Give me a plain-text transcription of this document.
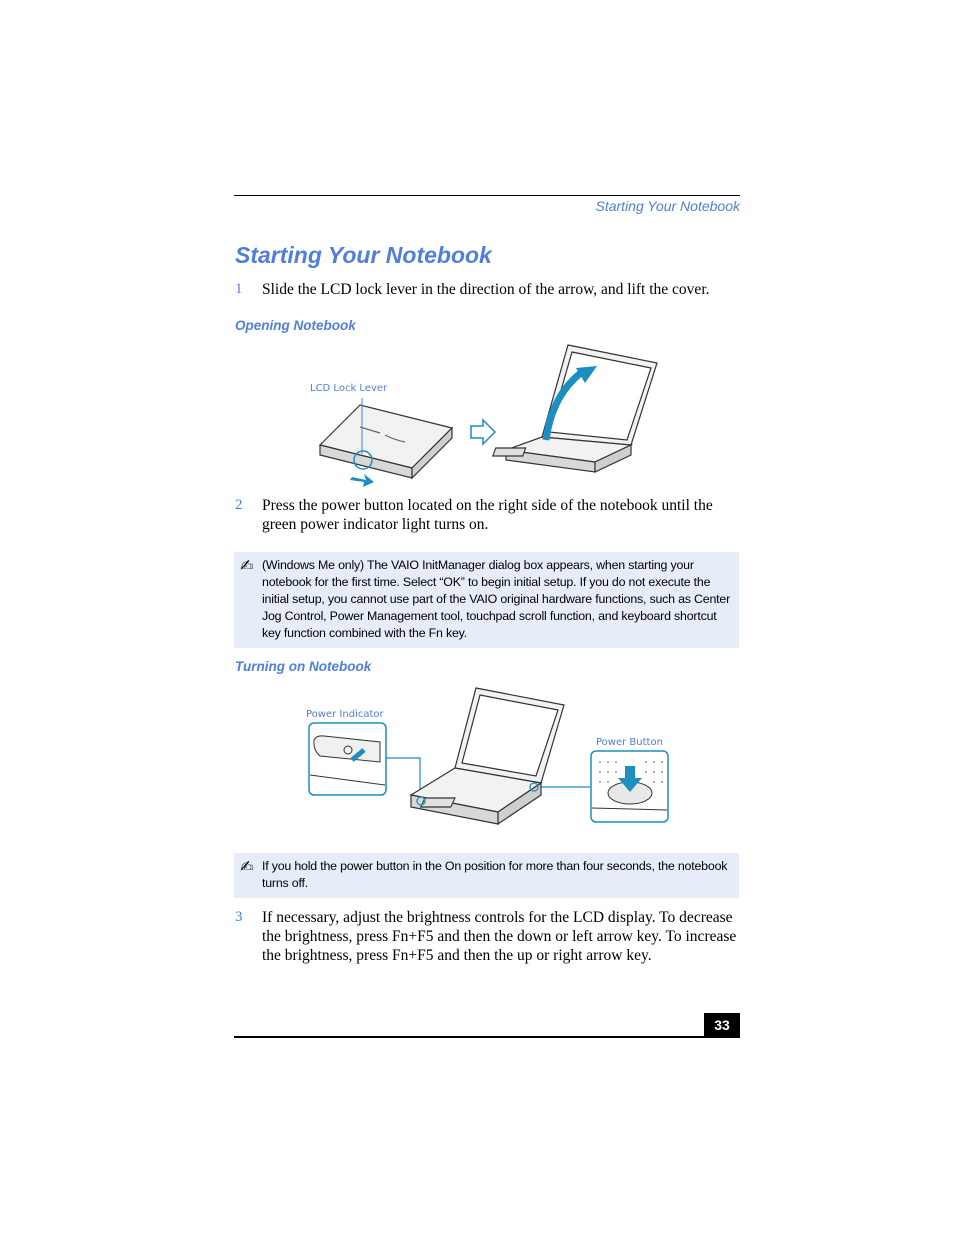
Starting Your Notebook
Starting Your Notebook
1 Slide the LCD lock lever in the direction of the arrow, and lift the cover.
Opening Notebook
LCD Lock Lever
2 Press the power button located on the right side of the notebook until the green power indicator light turns on.
✍ (Windows Me only) The VAIO InitManager dialog box appears, when starting your notebook for the first time. Select “OK” to begin initial setup. If you do not execute the initial setup, you cannot use part of the VAIO original hardware functions, such as Center Jog Control, Power Management tool, touchpad scroll function, and keyboard shortcut key function combined with the Fn key.
Turning on Notebook
Power Indicator
Power Button
✍ If you hold the power button in the On position for more than four seconds, the notebook turns off.
3 If necessary, adjust the brightness controls for the LCD display. To decrease the brightness, press Fn+F5 and then the down or left arrow key. To increase the brightness, press Fn+F5 and then the up or right arrow key.
33
